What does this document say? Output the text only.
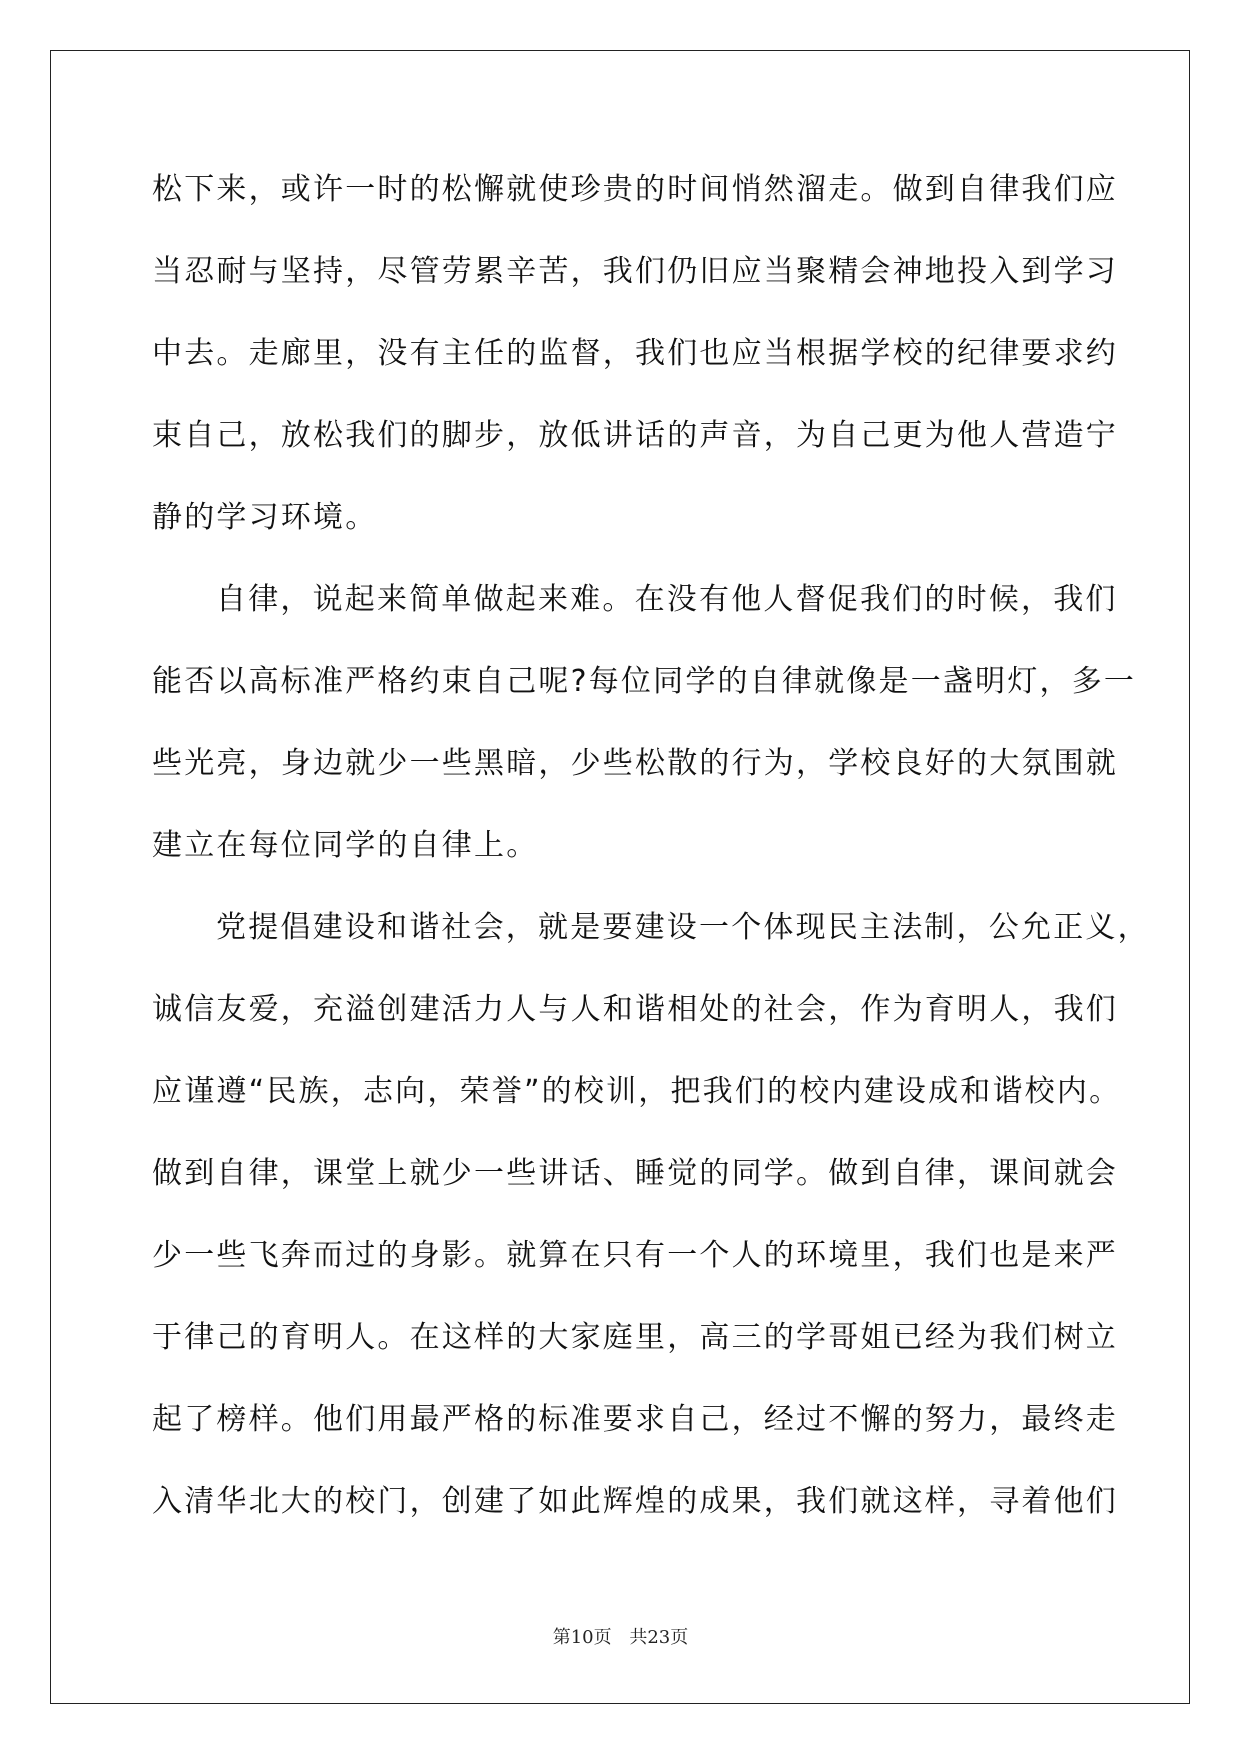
松下来，或许一时的松懈就使珍贵的时间悄然溜走。做到自律我们应
当忍耐与坚持，尽管劳累辛苦，我们仍旧应当聚精会神地投入到学习
中去。走廊里，没有主任的监督，我们也应当根据学校的纪律要求约
束自己，放松我们的脚步，放低讲话的声音，为自己更为他人营造宁
静的学习环境。
自律，说起来简单做起来难。在没有他人督促我们的时候，我们
能否以高标准严格约束自己呢?每位同学的自律就像是一盏明灯，多一
些光亮，身边就少一些黑暗，少些松散的行为，学校良好的大氛围就
建立在每位同学的自律上。
党提倡建设和谐社会，就是要建设一个体现民主法制，公允正义，
诚信友爱，充溢创建活力人与人和谐相处的社会，作为育明人，我们
应谨遵“民族，志向，荣誉”的校训，把我们的校内建设成和谐校内。
做到自律，课堂上就少一些讲话、睡觉的同学。做到自律，课间就会
少一些飞奔而过的身影。就算在只有一个人的环境里，我们也是来严
于律己的育明人。在这样的大家庭里，高三的学哥姐已经为我们树立
起了榜样。他们用最严格的标准要求自己，经过不懈的努力，最终走
入清华北大的校门，创建了如此辉煌的成果，我们就这样，寻着他们
第10页 共23页
